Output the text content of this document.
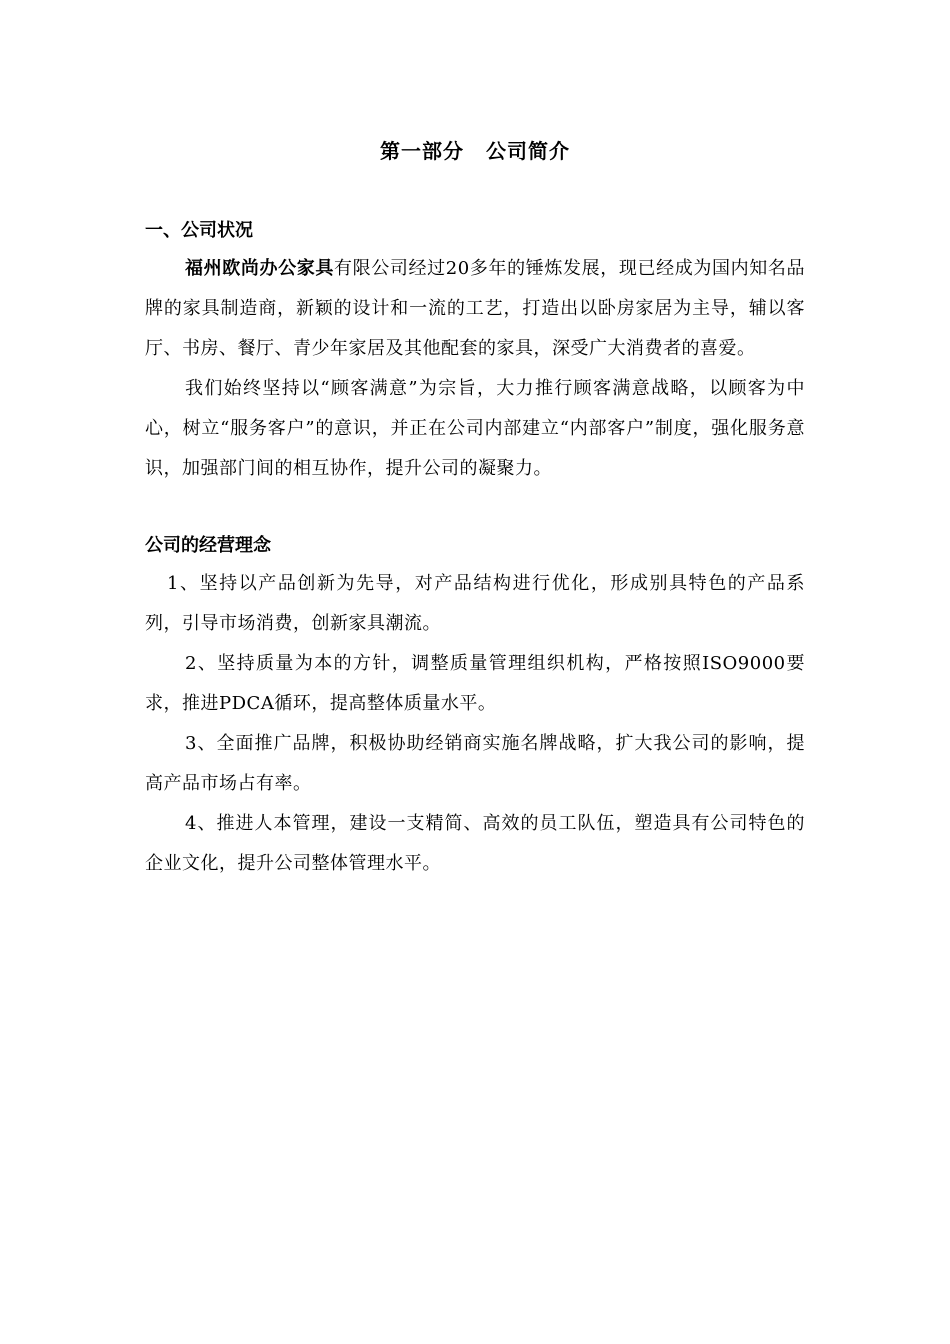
第一部分 公司简介
一、公司状况

福州欧尚办公家具有限公司经过20多年的锤炼发展，现已经成为国内知名品牌的家具制造商，新颖的设计和一流的工艺，打造出以卧房家居为主导，辅以客厅、书房、餐厅、青少年家居及其他配套的家具，深受广大消费者的喜爱。

我们始终坚持以“顾客满意”为宗旨，大力推行顾客满意战略，以顾客为中心，树立“服务客户”的意识，并正在公司内部建立“内部客户”制度，强化服务意识，加强部门间的相互协作，提升公司的凝聚力。

公司的经营理念

1、坚持以产品创新为先导，对产品结构进行优化，形成别具特色的产品系列，引导市场消费，创新家具潮流。

2、坚持质量为本的方针，调整质量管理组织机构，严格按照ISO9000要求，推进PDCA循环，提高整体质量水平。

3、全面推广品牌，积极协助经销商实施名牌战略，扩大我公司的影响，提高产品市场占有率。

4、推进人本管理，建设一支精简、高效的员工队伍，塑造具有公司特色的企业文化，提升公司整体管理水平。
